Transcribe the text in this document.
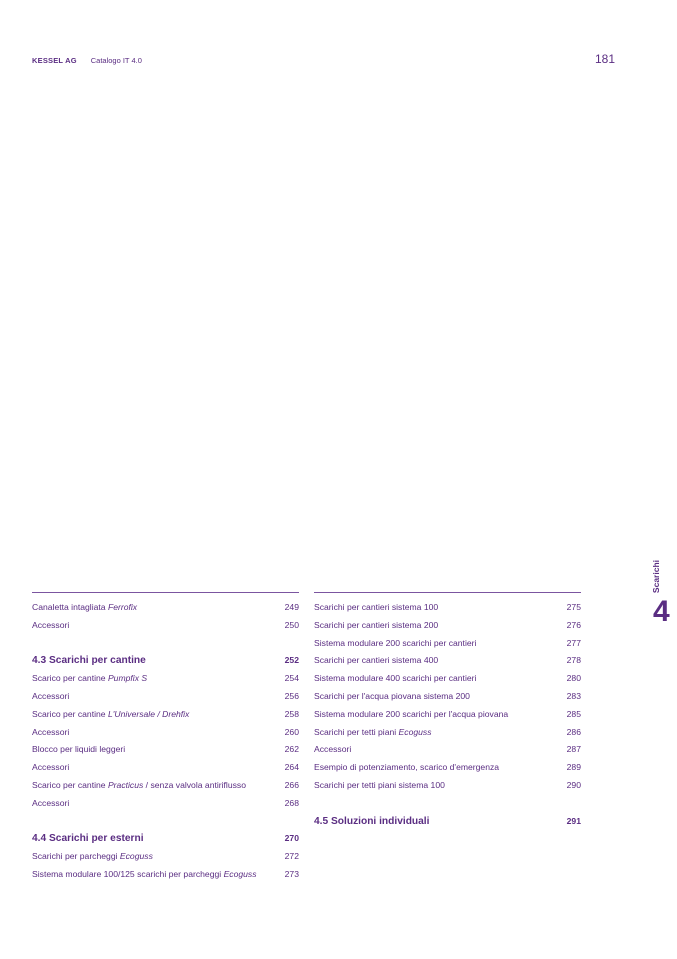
KESSEL AG Catalogo IT 4.0	181
Scarichi
4
Canaletta intagliata Ferrofix	249
Accessori	250
4.3 Scarichi per cantine	252
Scarico per cantine Pumpfix S	254
Accessori	256
Scarico per cantine L'Universale / Drehfix	258
Accessori	260
Blocco per liquidi leggeri	262
Accessori	264
Scarico per cantine Practicus / senza valvola antiriflusso	266
Accessori	268
4.4 Scarichi per esterni	270
Scarichi per parcheggi Ecoguss	272
Sistema modulare 100/125 scarichi per parcheggi Ecoguss	273
Scarichi per cantieri sistema 100	275
Scarichi per cantieri sistema 200	276
Sistema modulare 200 scarichi per cantieri	277
Scarichi per cantieri sistema 400	278
Sistema modulare 400 scarichi per cantieri	280
Scarichi per l'acqua piovana sistema 200	283
Sistema modulare 200 scarichi per l'acqua piovana	285
Scarichi per tetti piani Ecoguss	286
Accessori	287
Esempio di potenziamento, scarico d'emergenza	289
Scarichi per tetti piani sistema 100	290
4.5 Soluzioni individuali	291
